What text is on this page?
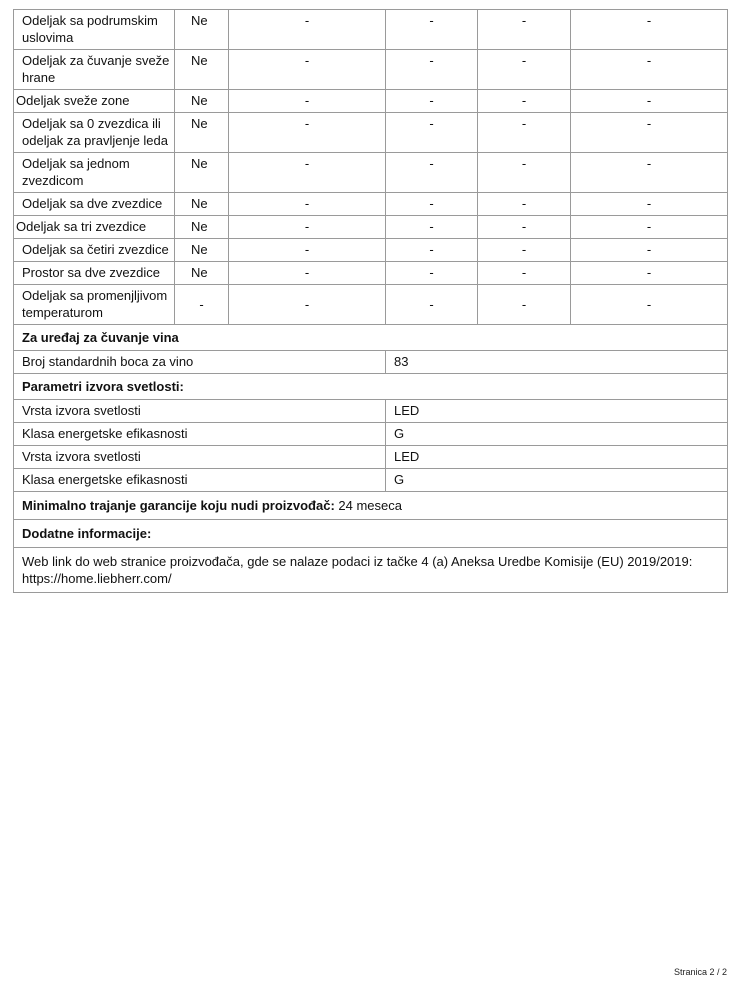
Odeljak sa podrumskim uslovima	Ne	-	-	-	-
Odeljak za čuvanje sveže hrane	Ne	-	-	-	-
Odeljak sveže zone	Ne	-	-	-	-
Odeljak sa 0 zvezdica ili odeljak za pravljenje leda	Ne	-	-	-	-
Odeljak sa jednom zvezdicom	Ne	-	-	-	-
Odeljak sa dve zvezdice	Ne	-	-	-	-
Odeljak sa tri zvezdice	Ne	-	-	-	-
Odeljak sa četiri zvezdice	Ne	-	-	-	-
Prostor sa dve zvezdice	Ne	-	-	-	-
Odeljak sa promenjljivom temperaturom	-	-	-	-	-
Za uređaj za čuvanje vina					
Broj standardnih boca za vino			83		
Parametri izvora svetlosti:					
Vrsta izvora svetlosti			LED		
Klasa energetske efikasnosti			G		
Vrsta izvora svetlosti			LED		
Klasa energetske efikasnosti			G		
Minimalno trajanje garancije koju nudi proizvođač: 24 meseca					
Dodatne informacije:					
Web link do web stranice proizvođača, gde se nalaze podaci iz tačke 4 (a) Aneksa Uredbe Komisije (EU) 2019/2019: https://home.liebherr.com/					
Stranica 2 / 2
